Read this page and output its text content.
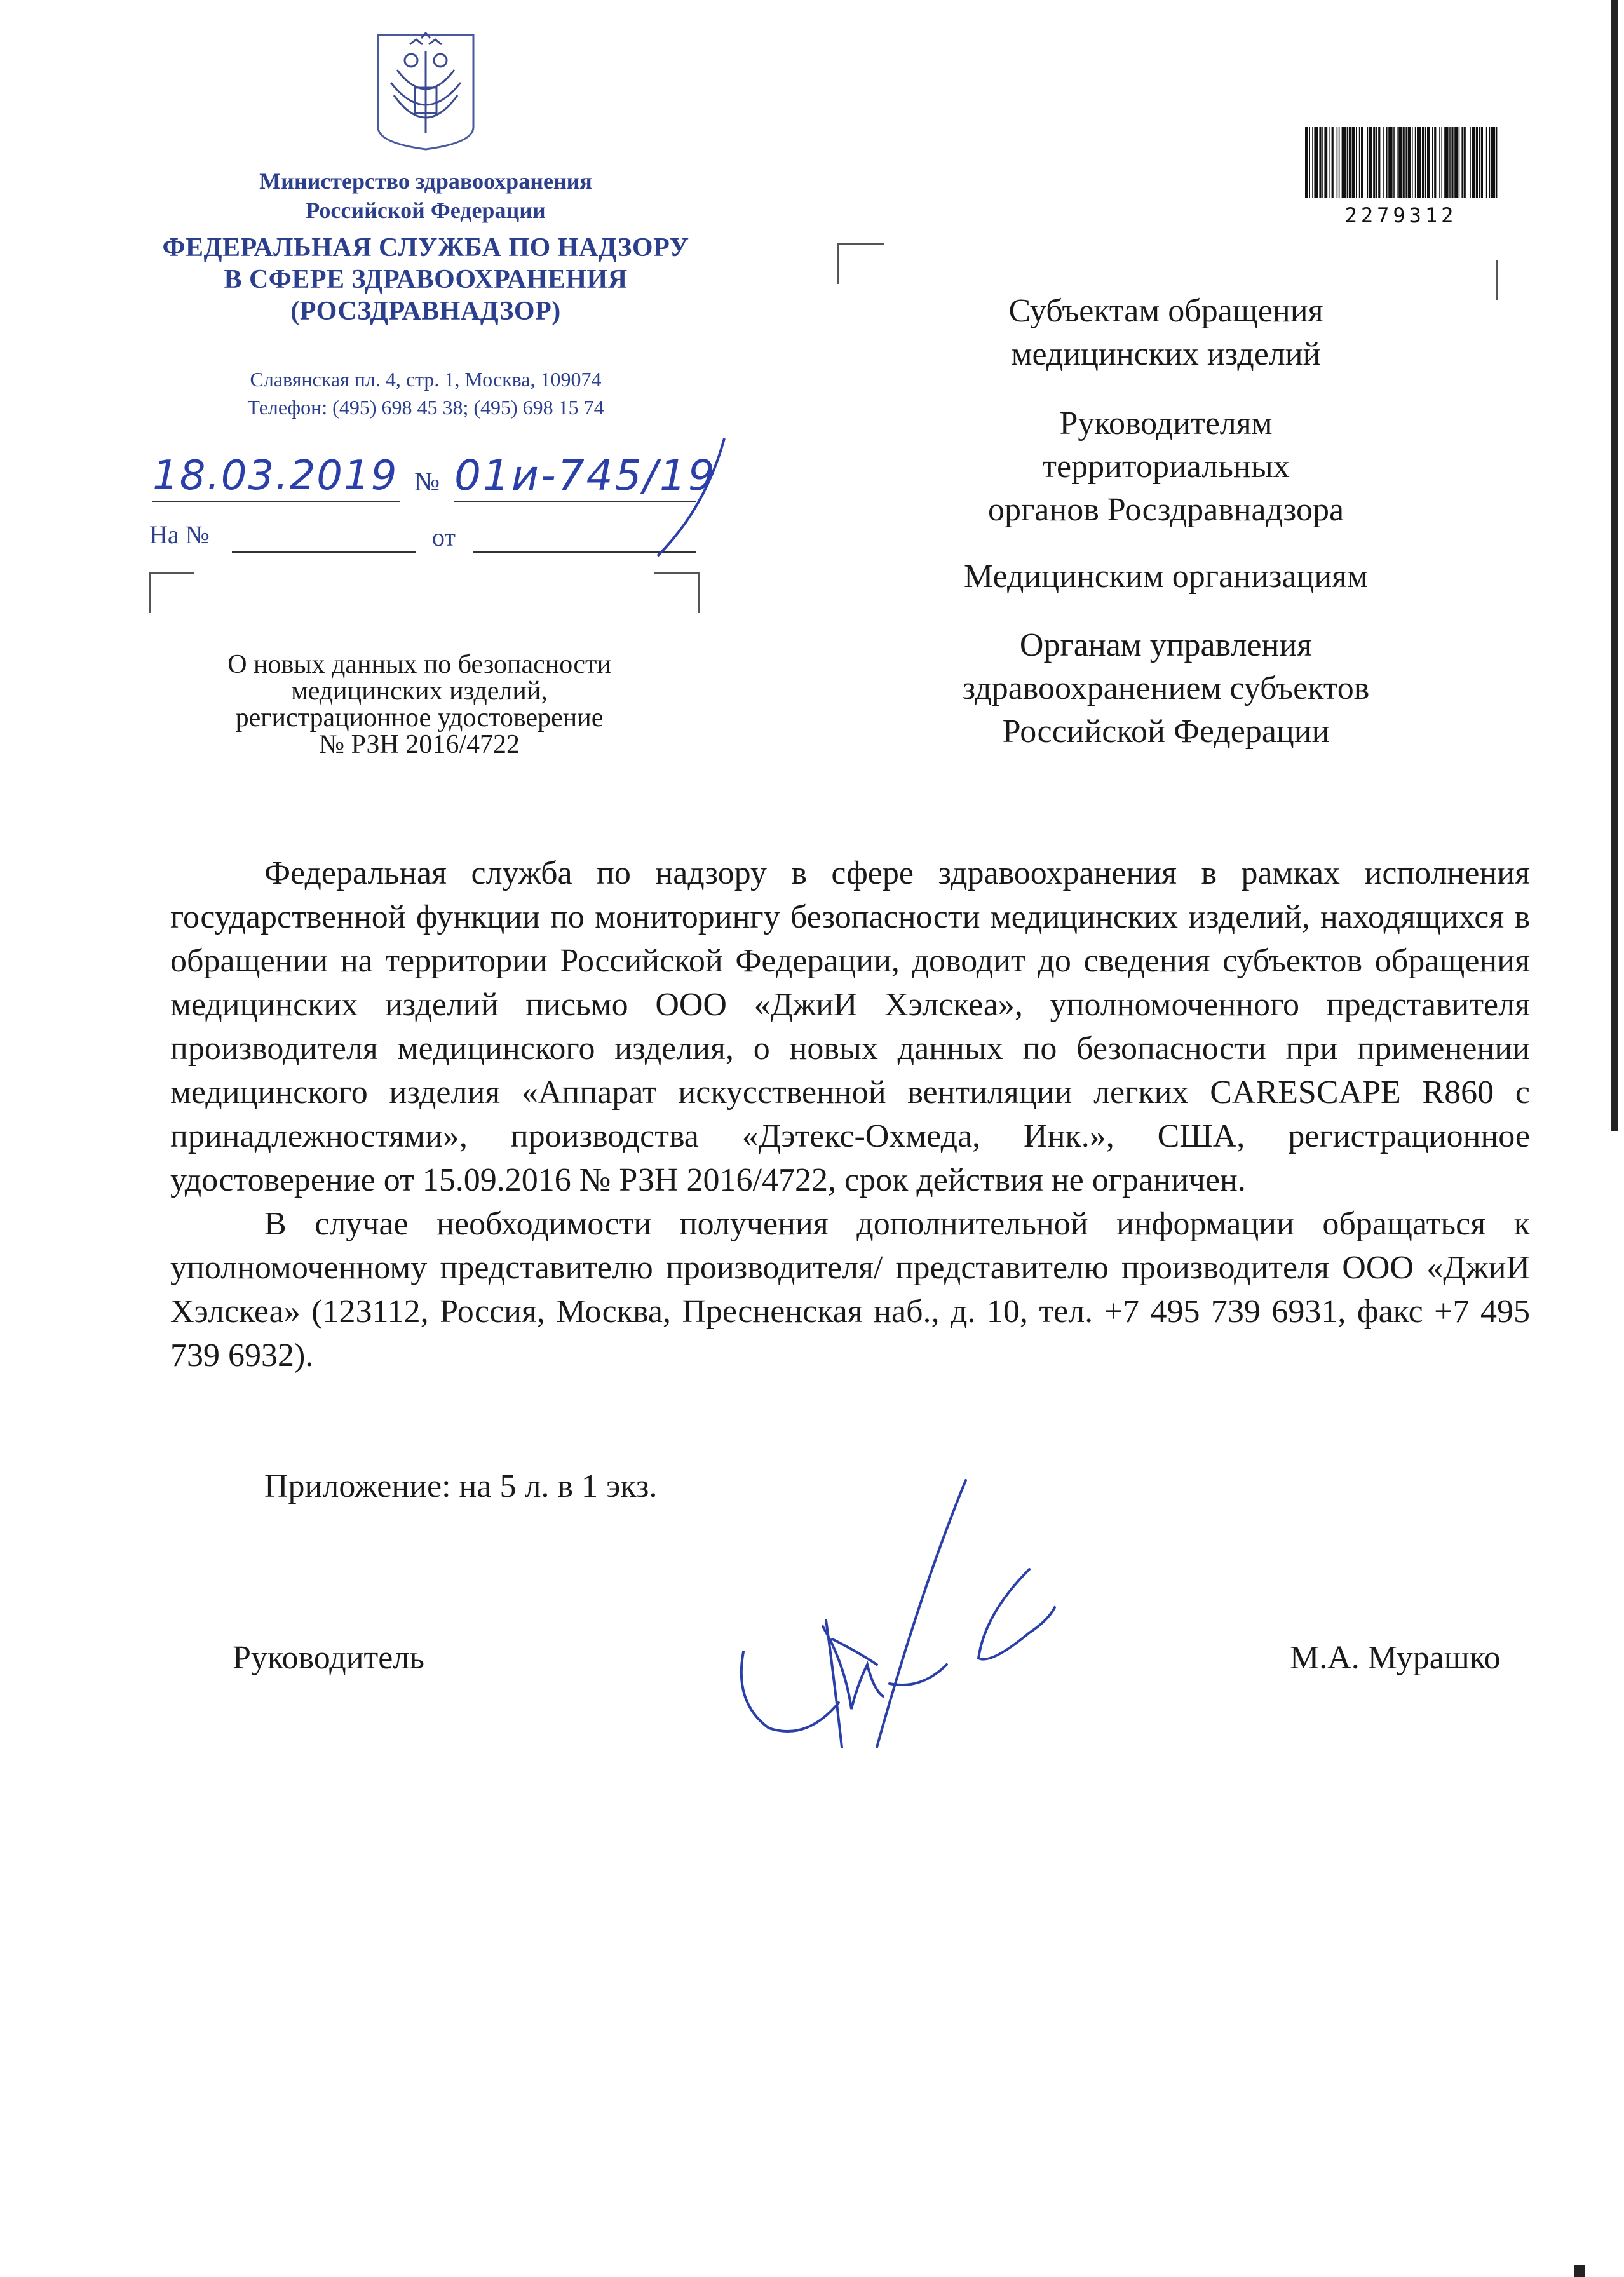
Министерство здравоохранения
Российской Федерации
ФЕДЕРАЛЬНАЯ СЛУЖБА ПО НАДЗОРУ
В СФЕРЕ ЗДРАВООХРАНЕНИЯ
(РОСЗДРАВНАДЗОР)
Славянская пл. 4, стр. 1, Москва, 109074
Телефон: (495) 698 45 38; (495) 698 15 74
18.03.2019 № 01и-745/19
На №	от
2279312
Субъектам обращения
медицинских изделий
Руководителям
территориальных
органов Росздравнадзора
Медицинским организациям
Органам управления
здравоохранением субъектов
Российской Федерации
О новых данных по безопасности
медицинских изделий,
регистрационное удостоверение
№ РЗН 2016/4722

Федеральная служба по надзору в сфере здравоохранения в рамках исполнения государственной функции по мониторингу безопасности медицинских изделий, находящихся в обращении на территории Российской Федерации, доводит до сведения субъектов обращения медицинских изделий письмо ООО «ДжиИ Хэлскеа», уполномоченного представителя производителя медицинского изделия, о новых данных по безопасности при применении медицинского изделия «Аппарат искусственной вентиляции легких CARESCAPE R860 с принадлежностями», производства «Дэтекс-Охмеда, Инк.», США, регистрационное удостоверение от 15.09.2016 № РЗН 2016/4722, срок действия не ограничен.

В случае необходимости получения дополнительной информации обращаться к уполномоченному представителю производителя/ представителю производителя ООО «ДжиИ Хэлскеа» (123112, Россия, Москва, Пресненская наб., д. 10, тел. +7 495 739 6931, факс +7 495 739 6932).

Приложение: на 5 л. в 1 экз.
Руководитель	М.А. Мурашко
